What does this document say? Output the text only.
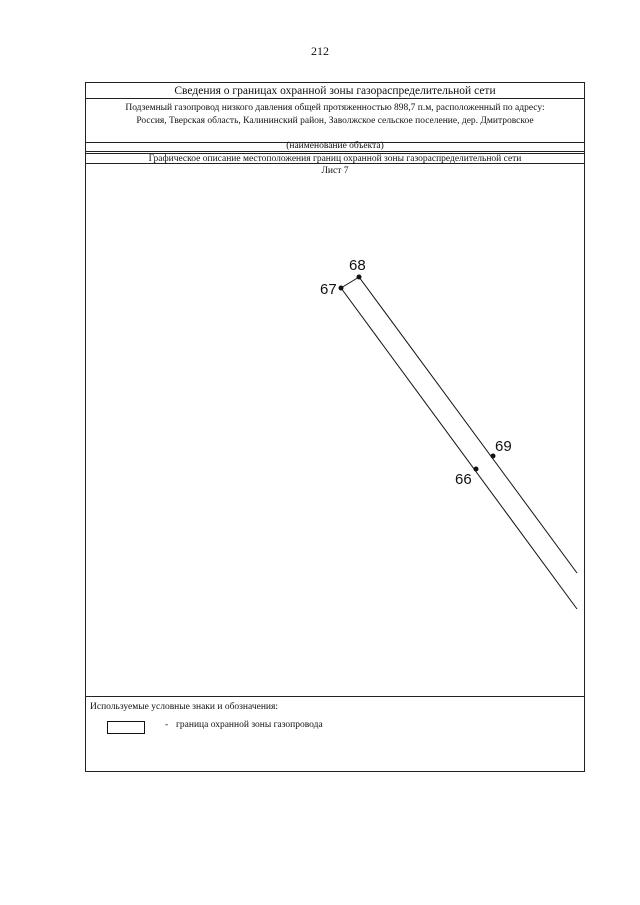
212
Сведения о границах охранной зоны газораспределительной сети
Подземный газопровод низкого давления общей протяженностью 898,7 п.м, расположенный по адресу:
Россия, Тверская область, Калининский район, Заволжское сельское поселение, дер. Дмитровское
(наименование объекта)
Графическое описание местоположения границ охранной зоны газораспределительной сети
Лист 7
67
68
69
66
Используемые условные знаки и обозначения:
- граница охранной зоны газопровода
